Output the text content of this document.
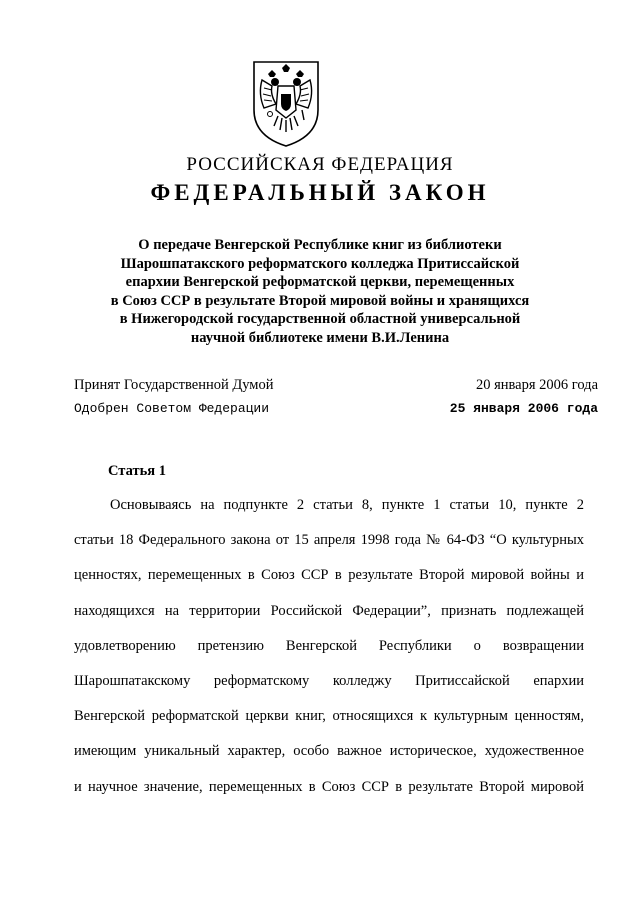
РОССИЙСКАЯ ФЕДЕРАЦИЯ
ФЕДЕРАЛЬНЫЙ ЗАКОН
О передаче Венгерской Республике книг из библиотеки
Шарошпатакского реформатского колледжа Притиссайской
епархии Венгерской реформатской церкви, перемещенных
в Союз ССР в результате Второй мировой войны и хранящихся
в Нижегородской государственной областной универсальной
научной библиотеке имени В.И.Ленина
Принят Государственной Думой	20 января 2006 года
Одобрен Советом Федерации	25 января 2006 года
Статья 1
Основываясь на подпункте 2 статьи 8, пункте 1 статьи 10, пункте 2
статьи 18 Федерального закона от 15 апреля 1998 года № 64-ФЗ “О культурных
ценностях, перемещенных в Союз ССР в результате Второй мировой войны и
находящихся на территории Российской Федерации”, признать подлежащей
удовлетворению претензию Венгерской Республики о возвращении
Шарошпатакскому реформатскому колледжу Притиссайской епархии
Венгерской реформатской церкви книг, относящихся к культурным ценностям,
имеющим уникальный характер, особо важное историческое, художественное
и научное значение, перемещенных в Союз ССР в результате Второй мировой
